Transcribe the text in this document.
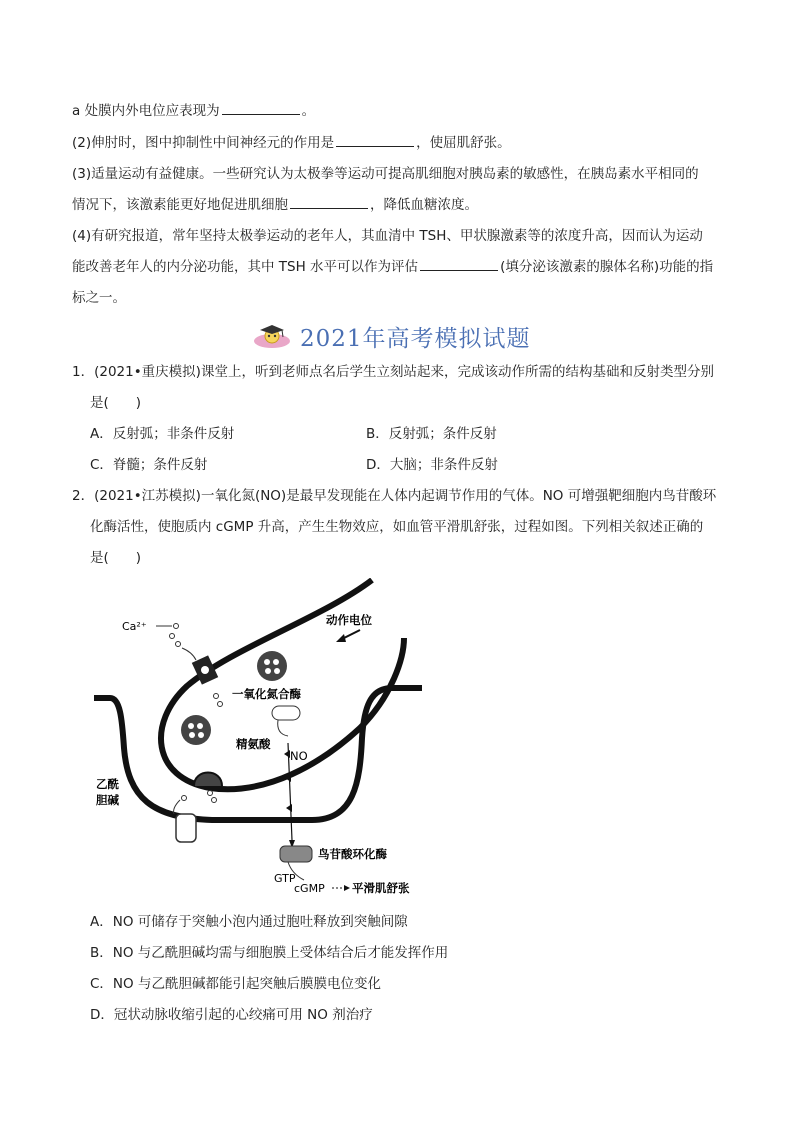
a 处膜内外电位应表现为	。
(2)伸肘时，图中抑制性中间神经元的作用是	，使屈肌舒张。
(3)适量运动有益健康。一些研究认为太极拳等运动可提高肌细胞对胰岛素的敏感性，在胰岛素水平相同的
情况下，该激素能更好地促进肌细胞	，降低血糖浓度。
(4)有研究报道，常年坚持太极拳运动的老年人，其血清中 TSH、甲状腺激素等的浓度升高，因而认为运动
能改善老年人的内分泌功能，其中 TSH 水平可以作为评估	(填分泌该激素的腺体名称)功能的指
标之一。
2021年高考模拟试题
1．(2021•重庆模拟)课堂上，听到老师点名后学生立刻站起来，完成该动作所需的结构基础和反射类型分别
是(　　)
A．反射弧；非条件反射	B．反射弧；条件反射
C．脊髓；条件反射	D．大脑；非条件反射
2．(2021•江苏模拟)一氧化氮(NO)是最早发现能在人体内起调节作用的气体。NO 可增强靶细胞内鸟苷酸环
化酶活性，使胞质内 cGMP 升高，产生生物效应，如血管平滑肌舒张，过程如图。下列相关叙述正确的
是(　　)
Ca²⁺
乙酰
胆碱
动作电位
一氧化氮合酶
精氨酸
NO
鸟苷酸环化酶
GTP
cGMP 平滑肌舒张
A．NO 可储存于突触小泡内通过胞吐释放到突触间隙
B．NO 与乙酰胆碱均需与细胞膜上受体结合后才能发挥作用
C．NO 与乙酰胆碱都能引起突触后膜膜电位变化
D．冠状动脉收缩引起的心绞痛可用 NO 剂治疗
